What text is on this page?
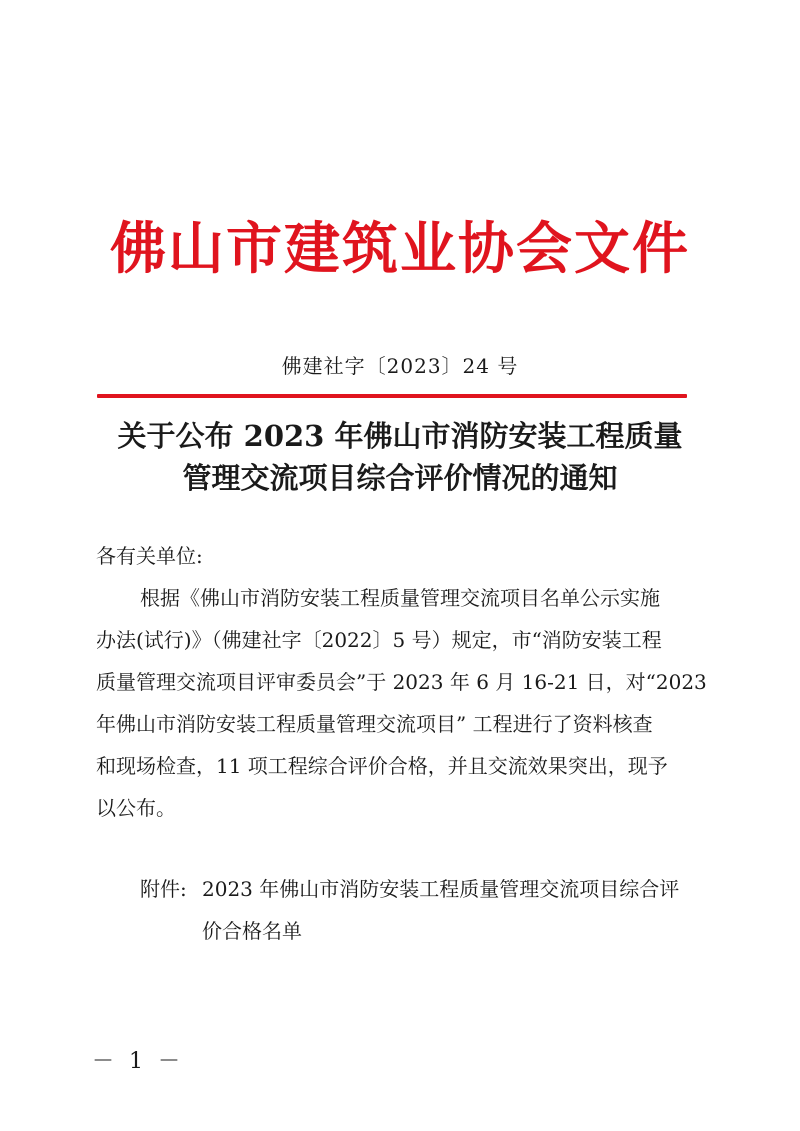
佛山市建筑业协会文件
佛建社字〔2023〕24 号
关于公布 2023 年佛山市消防安装工程质量
管理交流项目综合评价情况的通知
各有关单位:
根据《佛山市消防安装工程质量管理交流项目名单公示实施
办法(试行)》（佛建社字〔2022〕5 号）规定，市“消防安装工程
质量管理交流项目评审委员会”于 2023 年 6 月 16-21 日，对“2023
年佛山市消防安装工程质量管理交流项目” 工程进行了资料核查
和现场检查，11 项工程综合评价合格，并且交流效果突出，现予
以公布。
附件: 2023 年佛山市消防安装工程质量管理交流项目综合评
价合格名单
－ 1 －
